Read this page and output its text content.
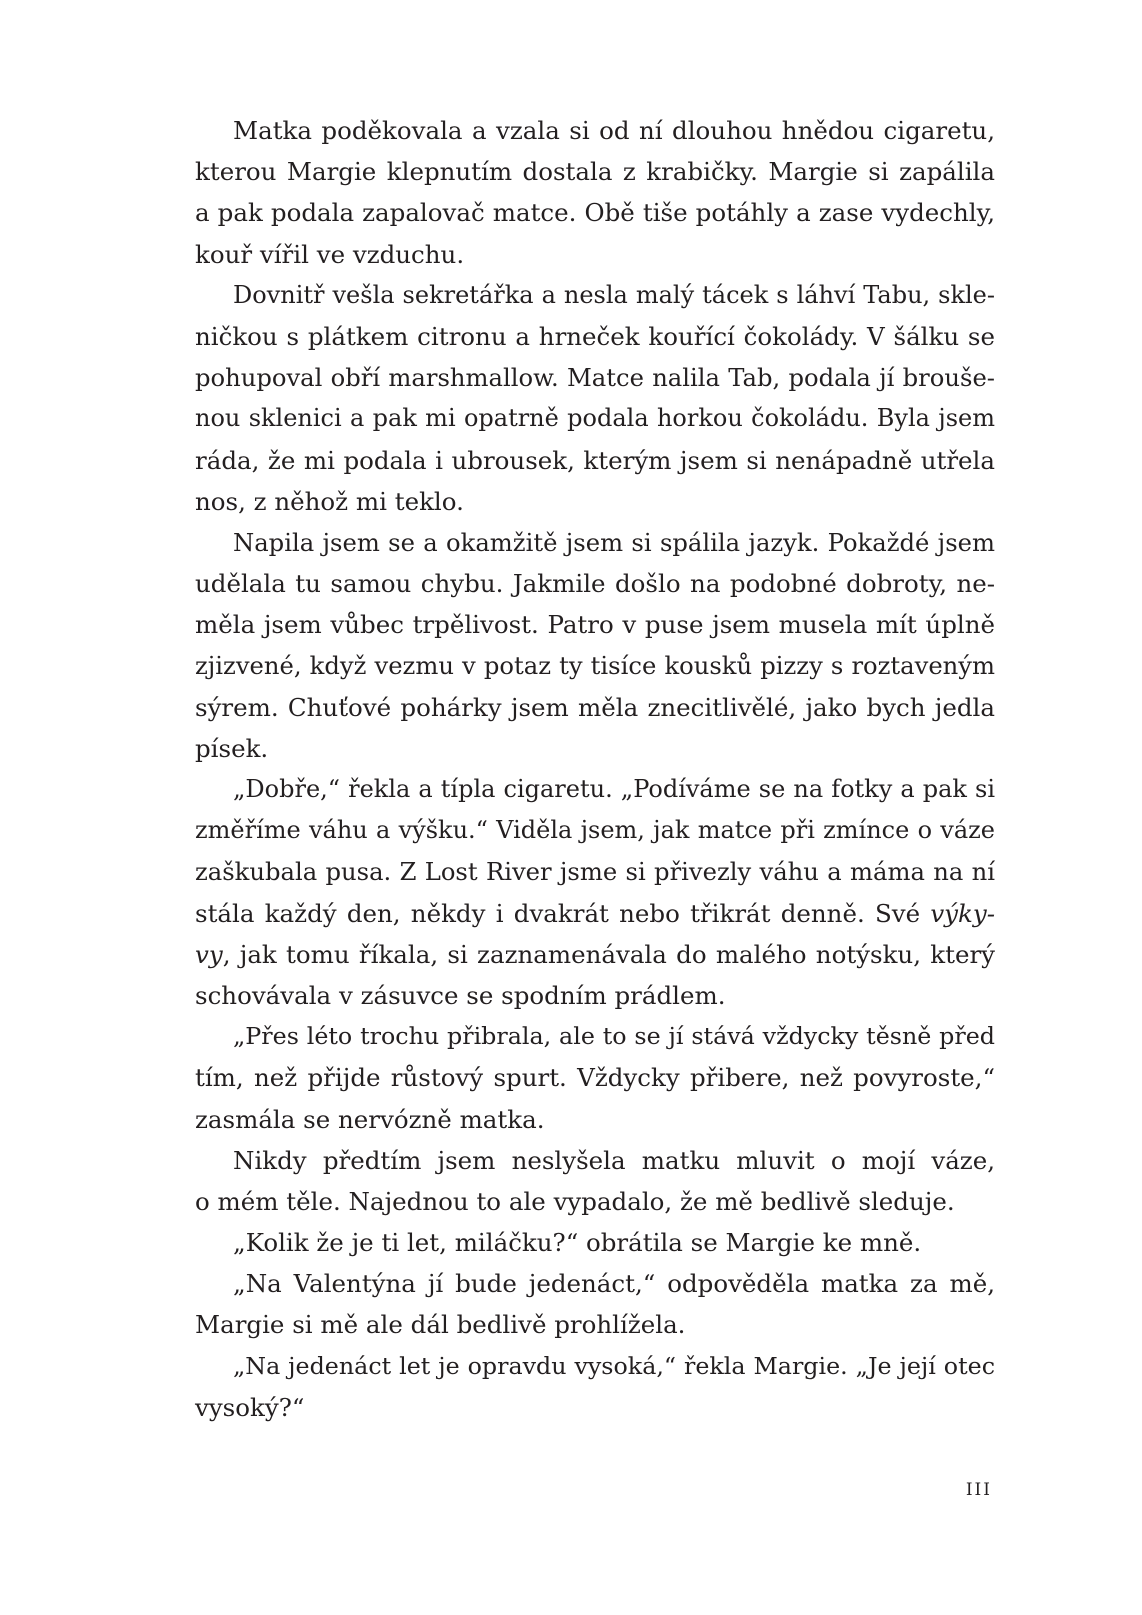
Matka poděkovala a vzala si od ní dlouhou hnědou cigaretu,
kterou Margie klepnutím dostala z krabičky. Margie si zapálila
a pak podala zapalovač matce. Obě tiše potáhly a zase vydechly,
kouř vířil ve vzduchu.
Dovnitř vešla sekretářka a nesla malý tácek s láhví Tabu, skle-
ničkou s plátkem citronu a hrneček kouřící čokolády. V šálku se
pohupoval obří marshmallow. Matce nalila Tab, podala jí brouše-
nou sklenici a pak mi opatrně podala horkou čokoládu. Byla jsem
ráda, že mi podala i ubrousek, kterým jsem si nenápadně utřela
nos, z něhož mi teklo.
Napila jsem se a okamžitě jsem si spálila jazyk. Pokaždé jsem
udělala tu samou chybu. Jakmile došlo na podobné dobroty, ne-
měla jsem vůbec trpělivost. Patro v puse jsem musela mít úplně
zjizvené, když vezmu v potaz ty tisíce kousků pizzy s roztaveným
sýrem. Chuťové pohárky jsem měla znecitlivělé, jako bych jedla
písek.
„Dobře,“ řekla a típla cigaretu. „Podíváme se na fotky a pak si
změříme váhu a výšku.“ Viděla jsem, jak matce při zmínce o váze
zaškubala pusa. Z Lost River jsme si přivezly váhu a máma na ní
stála každý den, někdy i dvakrát nebo třikrát denně. Své výky-
vy, jak tomu říkala, si zaznamenávala do malého notýsku, který
schovávala v zásuvce se spodním prádlem.
„Přes léto trochu přibrala, ale to se jí stává vždycky těsně před
tím, než přijde růstový spurt. Vždycky přibere, než povyroste,“
zasmála se nervózně matka.
Nikdy předtím jsem neslyšela matku mluvit o mojí váze,
o mém těle. Najednou to ale vypadalo, že mě bedlivě sleduje.
„Kolik že je ti let, miláčku?“ obrátila se Margie ke mně.
„Na Valentýna jí bude jedenáct,“ odpověděla matka za mě,
Margie si mě ale dál bedlivě prohlížela.
„Na jedenáct let je opravdu vysoká,“ řekla Margie. „Je její otec
vysoký?“
III
